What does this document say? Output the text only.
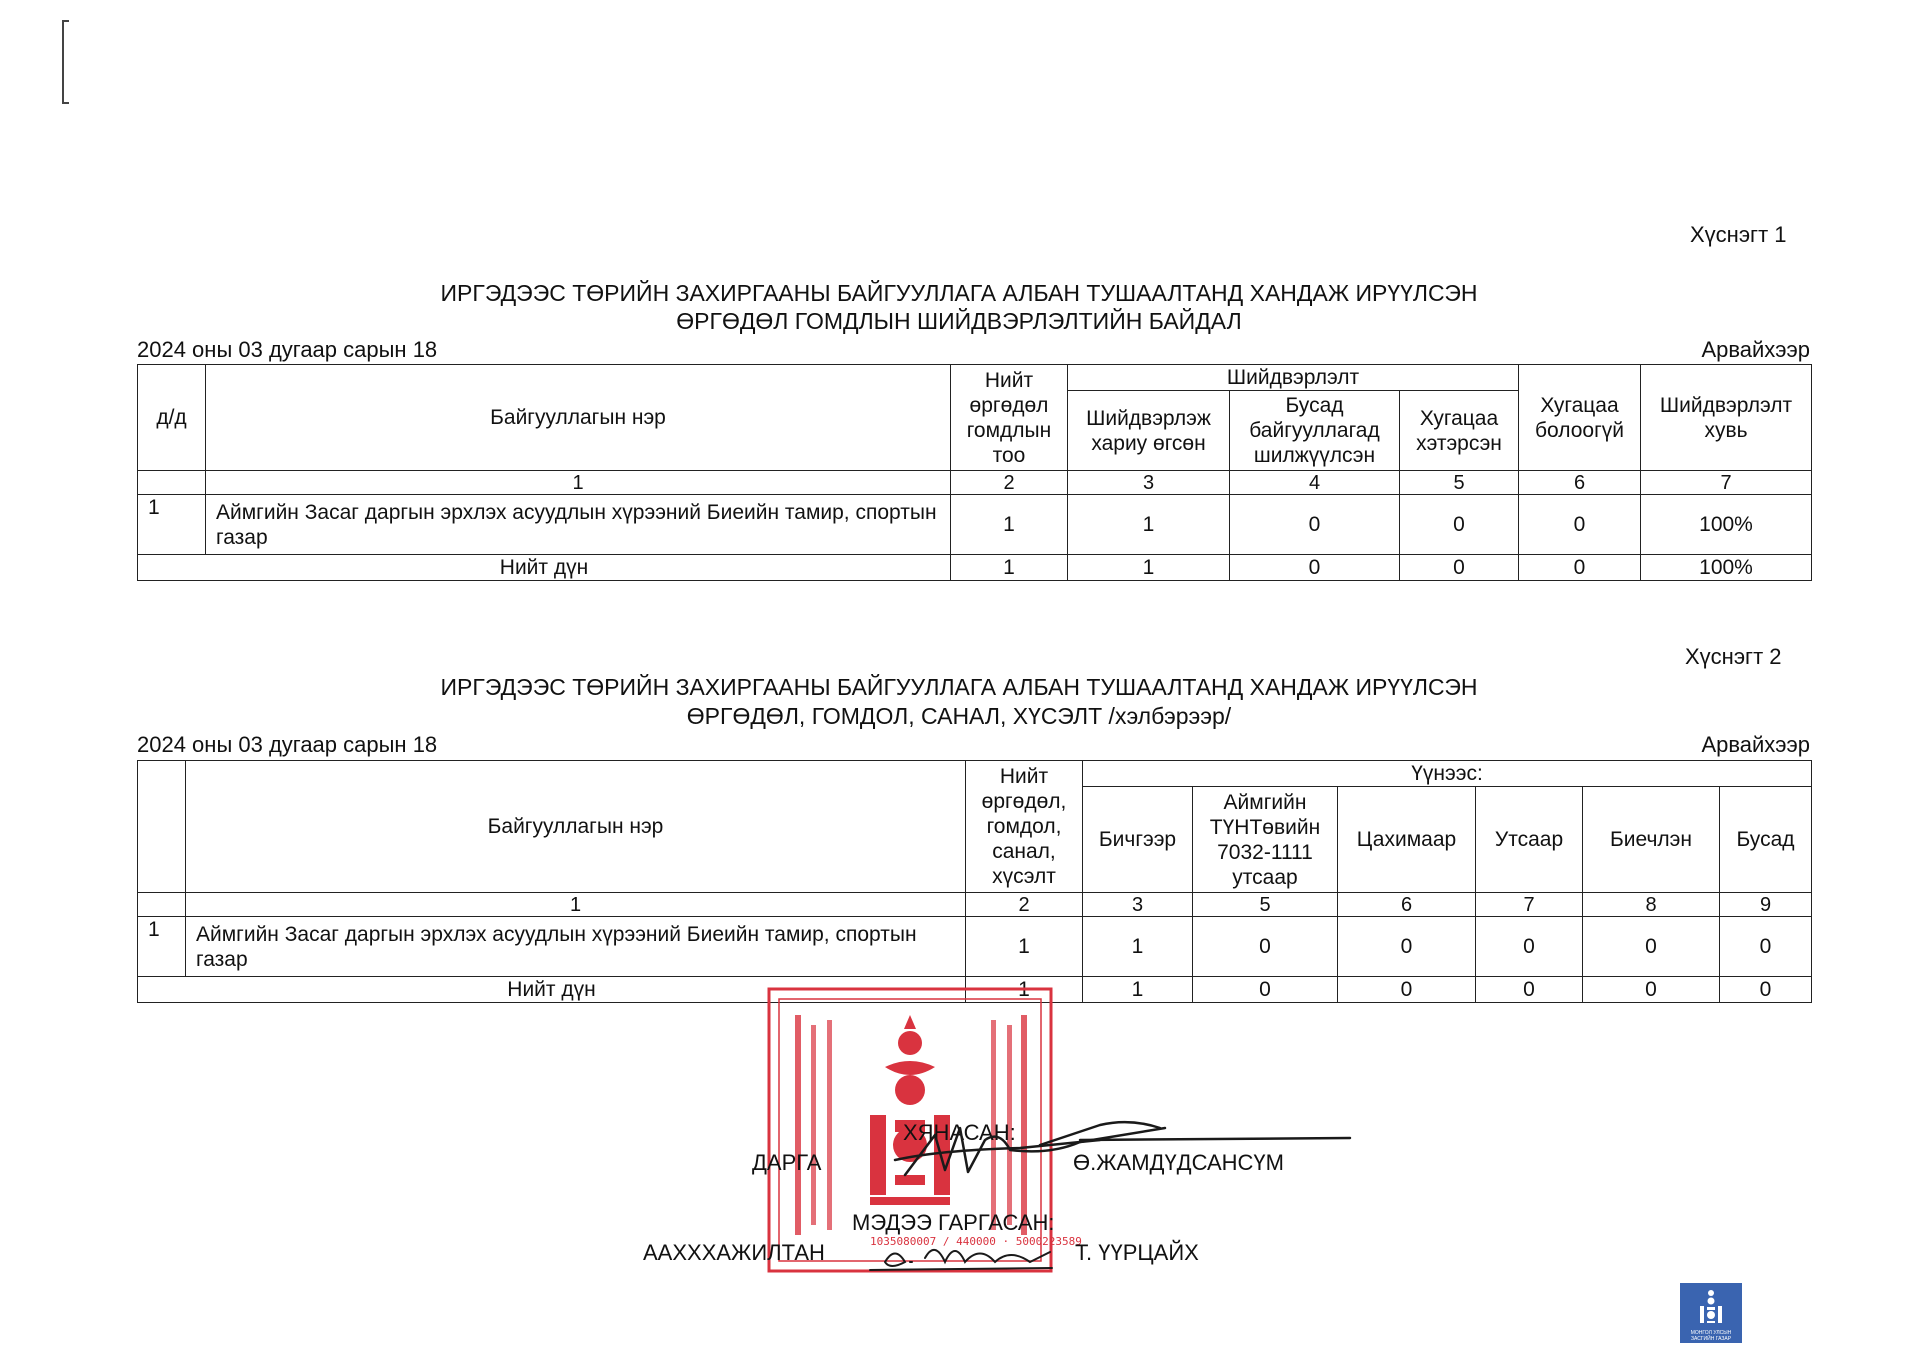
Хүснэгт 1
ИРГЭДЭЭС ТӨРИЙН ЗАХИРГААНЫ БАЙГУУЛЛАГА АЛБАН ТУШААЛТАНД ХАНДАЖ ИРҮҮЛСЭН
ӨРГӨДӨЛ ГОМДЛЫН ШИЙДВЭРЛЭЛТИЙН БАЙДАЛ
2024 оны 03 дугаар сарын 18	Арвайхээр
д/д	Байгууллагын нэр	Нийт өргөдөл гомдлын тоо	Шийдвэрлэлт			Хугацаа болоогүй	Шийдвэрлэлт хувь
			Шийдвэрлэж хариу өгсөн	Бусад байгууллагад шилжүүлсэн	Хугацаа хэтэрсэн		
	1	2	3	4	5	6	7
1	Аймгийн Засаг даргын эрхлэх асуудлын хүрээний Биеийн тамир, спортын газар	1	1	0	0	0	100%
Нийт дүн		1	1	0	0	0	100%
Хүснэгт 2
ИРГЭДЭЭС ТӨРИЙН ЗАХИРГААНЫ БАЙГУУЛЛАГА АЛБАН ТУШААЛТАНД ХАНДАЖ ИРҮҮЛСЭН
ӨРГӨДӨЛ, ГОМДОЛ, САНАЛ, ХҮСЭЛТ /хэлбэрээр/
2024 оны 03 дугаар сарын 18	Арвайхээр
	Байгууллагын нэр	Нийт өргөдөл, гомдол, санал, хүсэлт	Үүнээс:					
			Бичгээр	Аймгийн ТҮНТөвийн 7032-1111 утсаар	Цахимаар	Утсаар	Биечлэн	Бусад
	1	2	3	5	6	7	8	9
1	Аймгийн Засаг даргын эрхлэх асуудлын хүрээний Биеийн тамир, спортын газар	1	1	0	0	0	0	0
Нийт дүн		1	1	0	0	0	0	0
1035080007 / 440000 · 5000223589
ХЯНАСАН:
ДАРГА	Ө.ЖАМДҮДСАНСҮМ
МЭДЭЭ ГАРГАСАН:
ААХХХАЖИЛТАН	Т. ҮҮРЦАЙХ
МОНГОЛ УЛСЫН
ЗАСГИЙН ГАЗАР
